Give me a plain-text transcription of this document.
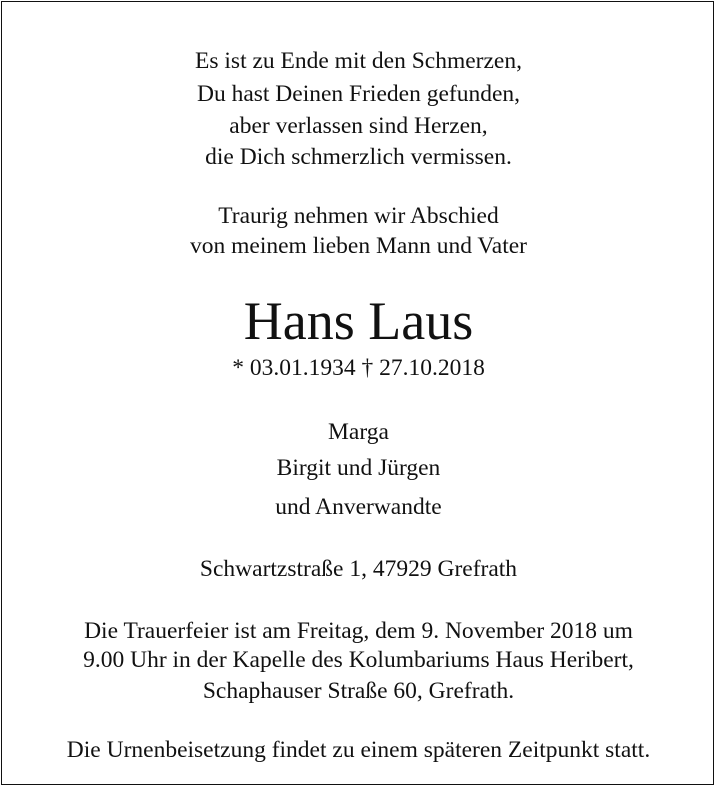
Es ist zu Ende mit den Schmerzen,
Du hast Deinen Frieden gefunden,
aber verlassen sind Herzen,
die Dich schmerzlich vermissen.
Traurig nehmen wir Abschied
von meinem lieben Mann und Vater
Hans Laus
* 03.01.1934 † 27.10.2018
Marga
Birgit und Jürgen
und Anverwandte
Schwartzstraße 1, 47929 Grefrath
Die Trauerfeier ist am Freitag, dem 9. November 2018 um
9.00 Uhr in der Kapelle des Kolumbariums Haus Heribert,
Schaphauser Straße 60, Grefrath.
Die Urnenbeisetzung findet zu einem späteren Zeitpunkt statt.
